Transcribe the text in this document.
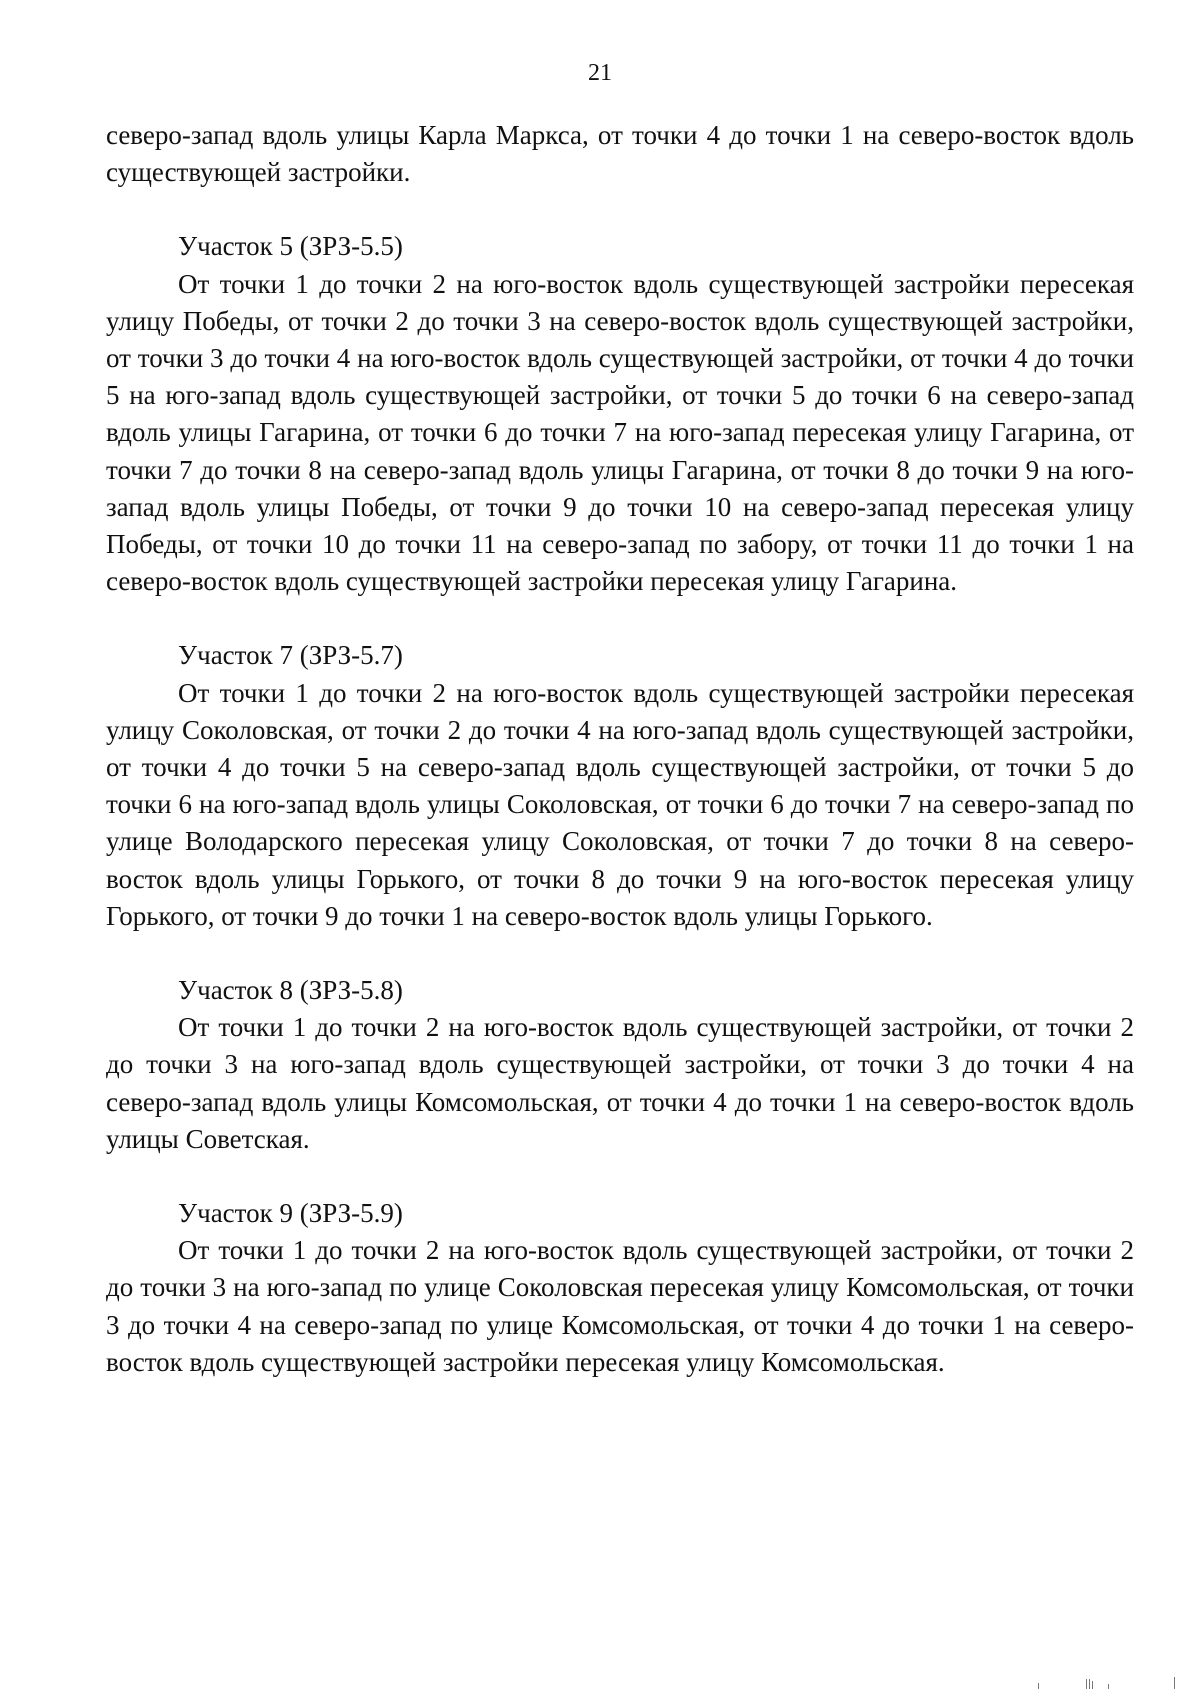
21

северо-запад вдоль улицы Карла Маркса, от точки 4 до точки 1 на северо-восток вдоль существующей застройки.

Участок 5 (ЗРЗ-5.5)

От точки 1 до точки 2 на юго-восток вдоль существующей застройки пересекая улицу Победы, от точки 2 до точки 3 на северо-восток вдоль существующей застройки, от точки 3 до точки 4 на юго-восток вдоль существующей застройки, от точки 4 до точки 5 на юго-запад вдоль существующей застройки, от точки 5 до точки 6 на северо-запад вдоль улицы Гагарина, от точки 6 до точки 7 на юго-запад пересекая улицу Гагарина, от точки 7 до точки 8 на северо-запад вдоль улицы Гагарина, от точки 8 до точки 9 на юго-запад вдоль улицы Победы, от точки 9 до точки 10 на северо-запад пересекая улицу Победы, от точки 10 до точки 11 на северо-запад по забору, от точки 11 до точки 1 на северо-восток вдоль существующей застройки пересекая улицу Гагарина.

Участок 7 (ЗРЗ-5.7)

От точки 1 до точки 2 на юго-восток вдоль существующей застройки пересекая улицу Соколовская, от точки 2 до точки 4 на юго-запад вдоль существующей застройки, от точки 4 до точки 5 на северо-запад вдоль существующей застройки, от точки 5 до точки 6 на юго-запад вдоль улицы Соколовская, от точки 6 до точки 7 на северо-запад по улице Володарского пересекая улицу Соколовская, от точки 7 до точки 8 на северо-восток вдоль улицы Горького, от точки 8 до точки 9 на юго-восток пересекая улицу Горького, от точки 9 до точки 1 на северо-восток вдоль улицы Горького.

Участок 8 (ЗРЗ-5.8)

От точки 1 до точки 2 на юго-восток вдоль существующей застройки, от точки 2 до точки 3 на юго-запад вдоль существующей застройки, от точки 3 до точки 4 на северо-запад вдоль улицы Комсомольская, от точки 4 до точки 1 на северо-восток вдоль улицы Советская.

Участок 9 (ЗРЗ-5.9)

От точки 1 до точки 2 на юго-восток вдоль существующей застройки, от точки 2 до точки 3 на юго-запад по улице Соколовская пересекая улицу Комсомольская, от точки 3 до точки 4 на северо-запад по улице Комсомольская, от точки 4 до точки 1 на северо-восток вдоль существующей застройки пересекая улицу Комсомольская.
